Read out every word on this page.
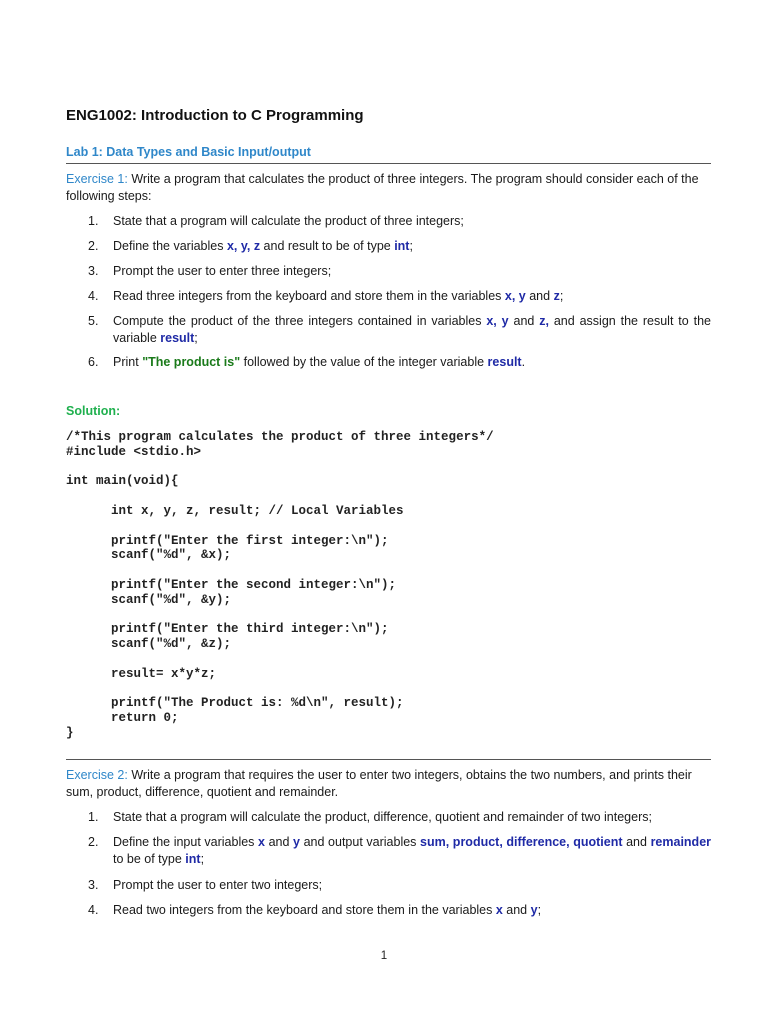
ENG1002: Introduction to C Programming
Lab 1: Data Types and Basic Input/output
Exercise 1: Write a program that calculates the product of three integers. The program should consider each of the following steps:
1. State that a program will calculate the product of three integers;
2. Define the variables x, y, z and result to be of type int;
3. Prompt the user to enter three integers;
4. Read three integers from the keyboard and store them in the variables x, y and z;
5. Compute the product of the three integers contained in variables x, y and z, and assign the result to the variable result;
6. Print "The product is" followed by the value of the integer variable result.
Solution:
/*This program calculates the product of three integers*/
#include <stdio.h>

int main(void){

int x, y, z, result; // Local Variables

printf("Enter the first integer:\n");
scanf("%d", &x);

printf("Enter the second integer:\n");
scanf("%d", &y);

printf("Enter the third integer:\n");
scanf("%d", &z);

result= x*y*z;

printf("The Product is: %d\n", result);
return 0;
}
Exercise 2: Write a program that requires the user to enter two integers, obtains the two numbers, and prints their sum, product, difference, quotient and remainder.
1. State that a program will calculate the product, difference, quotient and remainder of two integers;
2. Define the input variables x and y and output variables sum, product, difference, quotient and remainder to be of type int;
3. Prompt the user to enter two integers;
4. Read two integers from the keyboard and store them in the variables x and y;
1
